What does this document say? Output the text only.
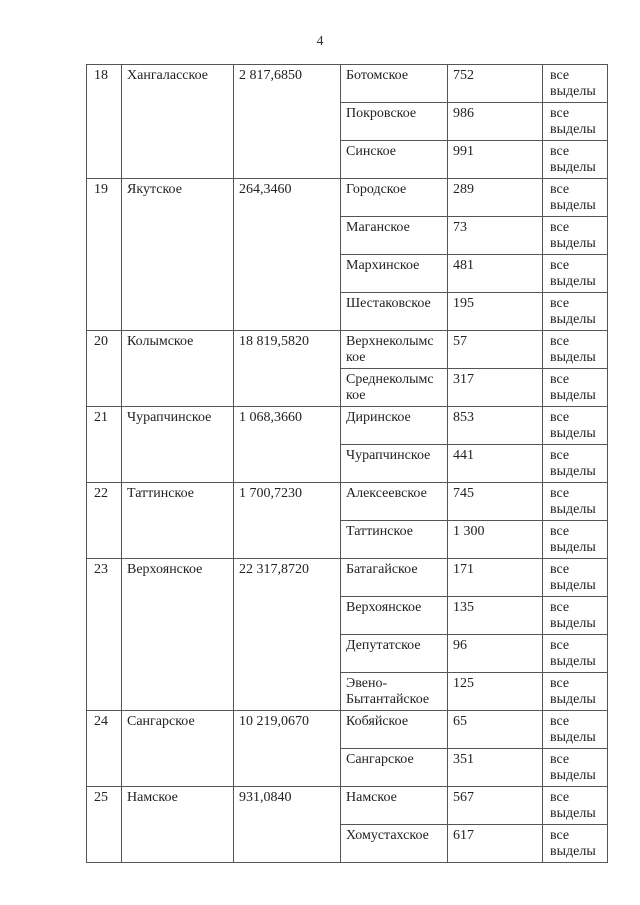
4
18	Хангаласское	2 817,6850	Ботомское	752	все выделы
			Покровское	986	все выделы
			Синское	991	все выделы
19	Якутское	264,3460	Городское	289	все выделы
			Маганское	73	все выделы
			Мархинское	481	все выделы
			Шестаковское	195	все выделы
20	Колымское	18 819,5820	Верхнеколымс кое	57	все выделы
			Среднеколымс кое	317	все выделы
21	Чурапчинское	1 068,3660	Диринское	853	все выделы
			Чурапчинское	441	все выделы
22	Таттинское	1 700,7230	Алексеевское	745	все выделы
			Таттинское	1 300	все выделы
23	Верхоянское	22 317,8720	Батагайское	171	все выделы
			Верхоянское	135	все выделы
			Депутатское	96	все выделы
			Эвено-Бытантайское	125	все выделы
24	Сангарское	10 219,0670	Кобяйское	65	все выделы
			Сангарское	351	все выделы
25	Намское	931,0840	Намское	567	все выделы
			Хомустахское	617	все выделы
